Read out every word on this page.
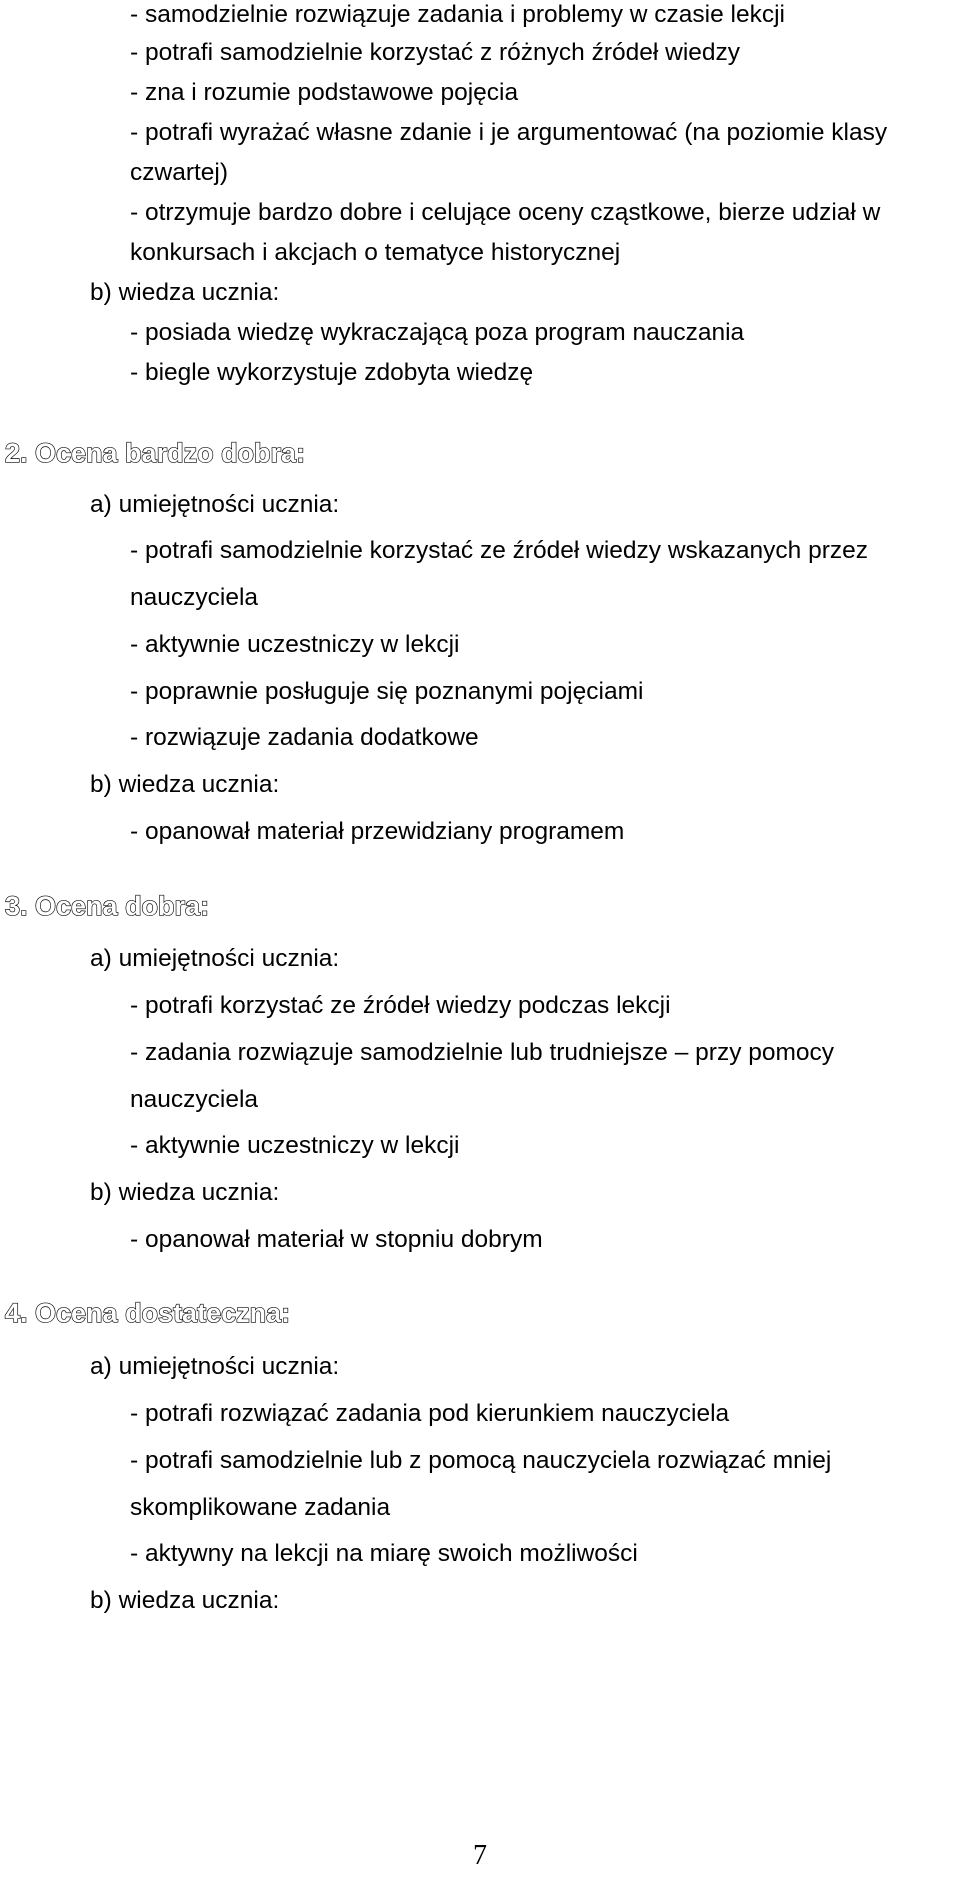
- samodzielnie rozwiązuje zadania i problemy w czasie lekcji
- potrafi samodzielnie korzystać z różnych źródeł wiedzy
- zna i rozumie podstawowe pojęcia
- potrafi wyrażać własne zdanie i je argumentować (na poziomie klasy
czwartej)
- otrzymuje bardzo dobre i celujące oceny cząstkowe, bierze udział w
konkursach i akcjach o tematyce historycznej
b) wiedza ucznia:
- posiada wiedzę wykraczającą poza program nauczania
- biegle wykorzystuje zdobyta wiedzę
2. Ocena bardzo dobra:
a) umiejętności ucznia:
- potrafi samodzielnie korzystać ze źródeł wiedzy wskazanych przez
nauczyciela
- aktywnie uczestniczy w lekcji
- poprawnie posługuje się poznanymi pojęciami
- rozwiązuje zadania dodatkowe
b) wiedza ucznia:
- opanował materiał przewidziany programem
3. Ocena dobra:
a) umiejętności ucznia:
- potrafi korzystać ze źródeł wiedzy podczas lekcji
- zadania rozwiązuje samodzielnie lub trudniejsze – przy pomocy
nauczyciela
- aktywnie uczestniczy w lekcji
b) wiedza ucznia:
- opanował materiał w stopniu dobrym
4. Ocena dostateczna:
a) umiejętności ucznia:
- potrafi rozwiązać zadania pod kierunkiem nauczyciela
- potrafi samodzielnie lub z pomocą nauczyciela rozwiązać mniej
skomplikowane zadania
- aktywny na lekcji na miarę swoich możliwości
b) wiedza ucznia:
7
